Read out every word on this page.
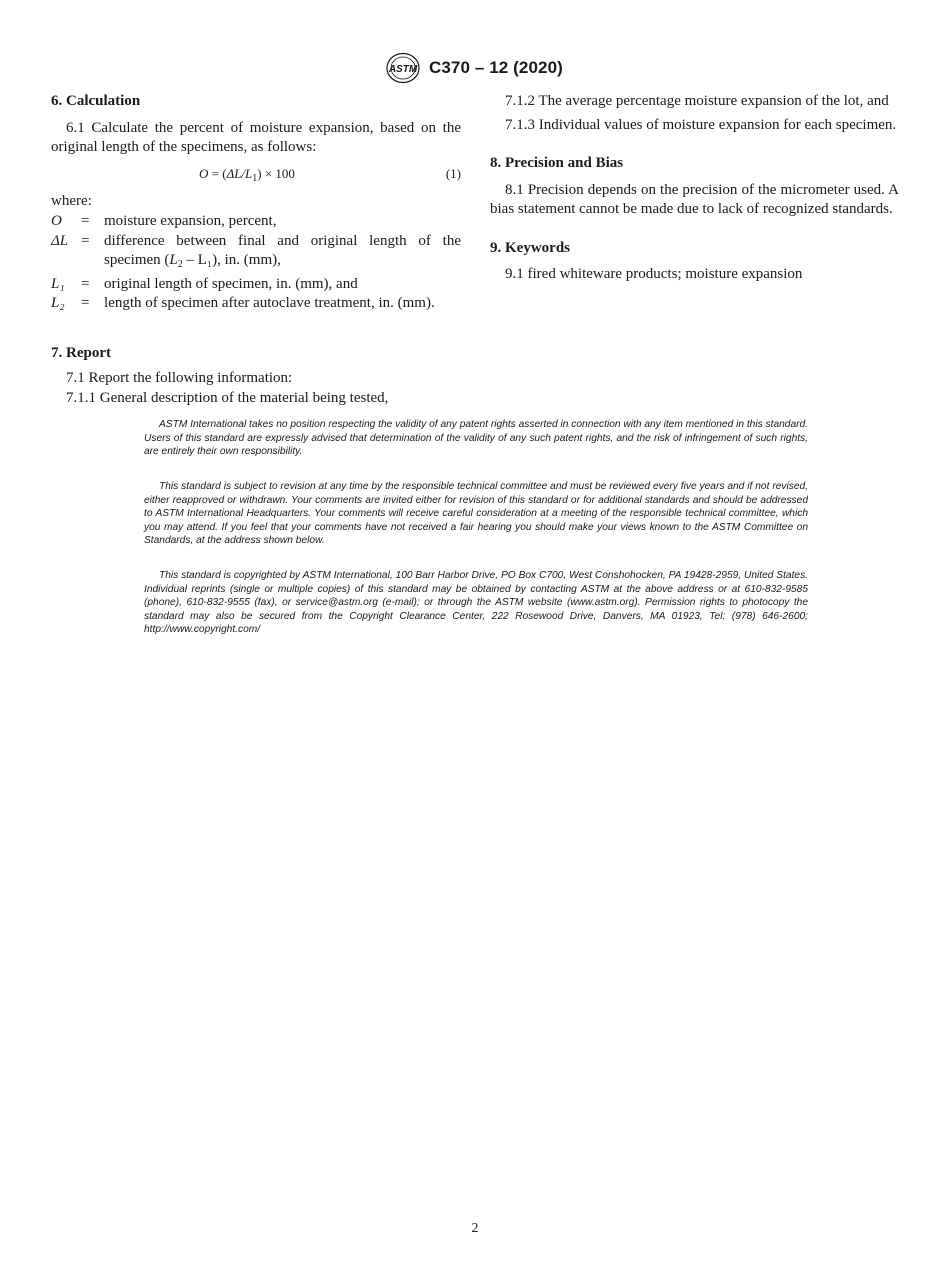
ASTM C370 – 12 (2020)

6. Calculation

6.1 Calculate the percent of moisture expansion, based on the original length of the specimens, as follows:

$O = (\Delta L/L_1) \times 100$	(1)

where:

O	= moisture expansion, percent,
ΔL = difference between final and original length of the specimen $(L_2 - L_1)$, in. (mm),
L₁	= original length of specimen, in. (mm), and
L₂	= length of specimen after autoclave treatment, in. (mm).

7. Report

7.1 Report the following information:

7.1.1 General description of the material being tested,

7.1.2 The average percentage moisture expansion of the lot, and

7.1.3 Individual values of moisture expansion for each specimen.

8. Precision and Bias

8.1 Precision depends on the precision of the micrometer used. A bias statement cannot be made due to lack of recognized standards.

9. Keywords

9.1 fired whiteware products; moisture expansion

ASTM International takes no position respecting the validity of any patent rights asserted in connection with any item mentioned in this standard. Users of this standard are expressly advised that determination of the validity of any such patent rights, and the risk of infringement of such rights, are entirely their own responsibility.

This standard is subject to revision at any time by the responsible technical committee and must be reviewed every five years and if not revised, either reapproved or withdrawn. Your comments are invited either for revision of this standard or for additional standards and should be addressed to ASTM International Headquarters. Your comments will receive careful consideration at a meeting of the responsible technical committee, which you may attend. If you feel that your comments have not received a fair hearing you should make your views known to the ASTM Committee on Standards, at the address shown below.

This standard is copyrighted by ASTM International, 100 Barr Harbor Drive, PO Box C700, West Conshohocken, PA 19428-2959, United States. Individual reprints (single or multiple copies) of this standard may be obtained by contacting ASTM at the above address or at 610-832-9585 (phone), 610-832-9555 (fax), or service@astm.org (e-mail); or through the ASTM website (www.astm.org). Permission rights to photocopy the standard may also be secured from the Copyright Clearance Center, 222 Rosewood Drive, Danvers, MA 01923, Tel: (978) 646-2600; http://www.copyright.com/

2
